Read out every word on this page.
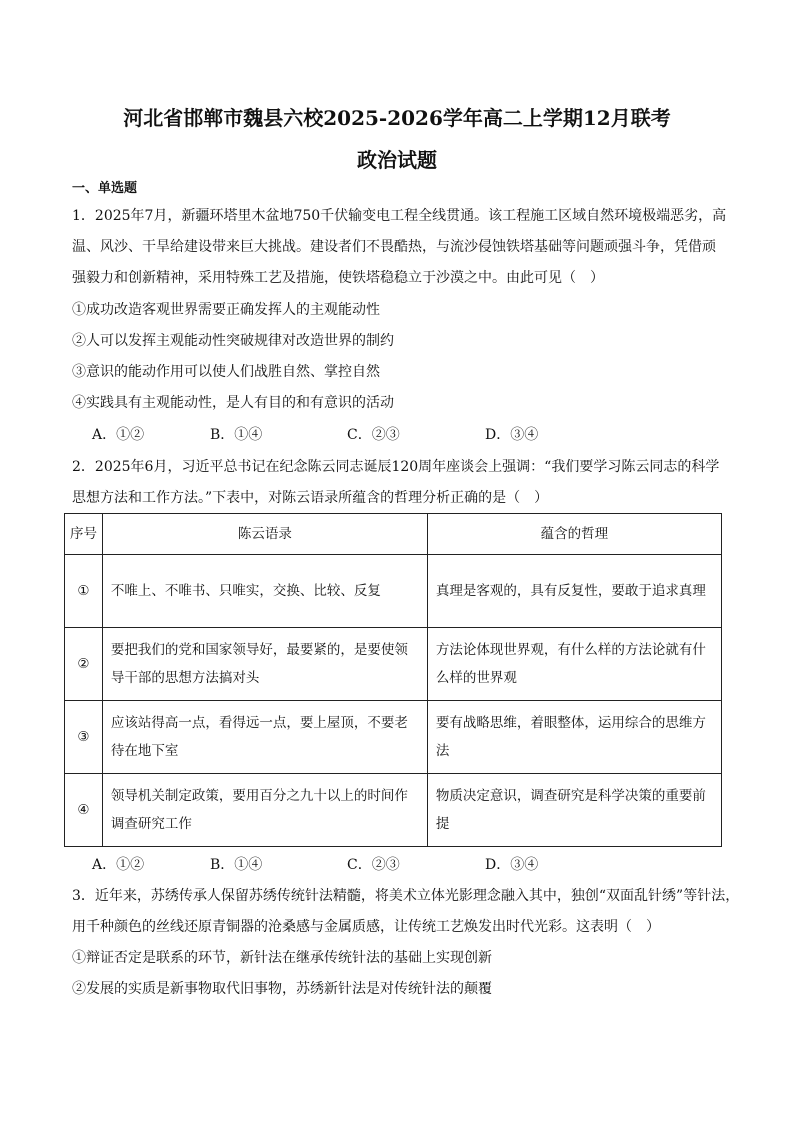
河北省邯郸市魏县六校2025-2026学年高二上学期12月联考
政治试题
一、单选题
1．2025年7月，新疆环塔里木盆地750千伏输变电工程全线贯通。该工程施工区域自然环境极端恶劣，高
温、风沙、干旱给建设带来巨大挑战。建设者们不畏酷热，与流沙侵蚀铁塔基础等问题顽强斗争，凭借顽
强毅力和创新精神，采用特殊工艺及措施，使铁塔稳稳立于沙漠之中。由此可见（　）
①成功改造客观世界需要正确发挥人的主观能动性
②人可以发挥主观能动性突破规律对改造世界的制约
③意识的能动作用可以使人们战胜自然、掌控自然
④实践具有主观能动性，是人有目的和有意识的活动
A．①②	B．①④	C．②③	D．③④
2．2025年6月，习近平总书记在纪念陈云同志诞辰120周年座谈会上强调：“我们要学习陈云同志的科学
思想方法和工作方法。”下表中，对陈云语录所蕴含的哲理分析正确的是（　）
序号	陈云语录	蕴含的哲理
①	不唯上、不唯书、只唯实，交换、比较、反复	真理是客观的，具有反复性，要敢于追求真理
②	要把我们的党和国家领导好，最要紧的，是要使领导干部的思想方法搞对头	方法论体现世界观，有什么样的方法论就有什么样的世界观
③	应该站得高一点，看得远一点，要上屋顶，不要老待在地下室	要有战略思维，着眼整体，运用综合的思维方法
④	领导机关制定政策，要用百分之九十以上的时间作调查研究工作	物质决定意识，调查研究是科学决策的重要前提
A．①②	B．①④	C．②③	D．③④
3．近年来，苏绣传承人保留苏绣传统针法精髓，将美术立体光影理念融入其中，独创“双面乱针绣”等针法，
用千种颜色的丝线还原青铜器的沧桑感与金属质感，让传统工艺焕发出时代光彩。这表明（　）
①辩证否定是联系的环节，新针法在继承传统针法的基础上实现创新
②发展的实质是新事物取代旧事物，苏绣新针法是对传统针法的颠覆
